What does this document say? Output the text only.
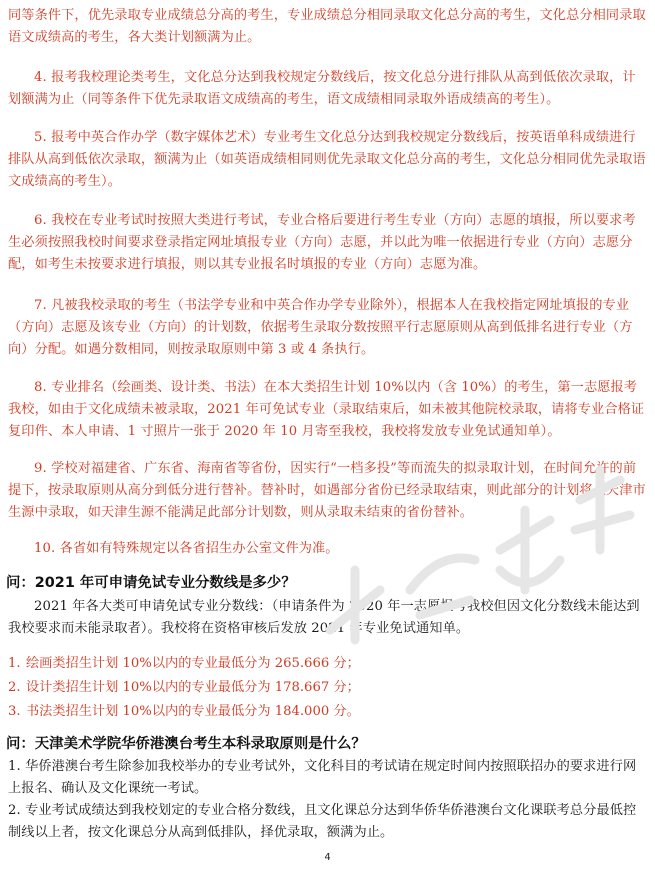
同等条件下，优先录取专业成绩总分高的考生，专业成绩总分相同录取文化总分高的考生，文化总分相同录取语文成绩高的考生，各大类计划额满为止。

4. 报考我校理论类考生，文化总分达到我校规定分数线后，按文化总分进行排队从高到低依次录取，计划额满为止（同等条件下优先录取语文成绩高的考生，语文成绩相同录取外语成绩高的考生）。

5. 报考中英合作办学（数字媒体艺术）专业考生文化总分达到我校规定分数线后，按英语单科成绩进行排队从高到低依次录取，额满为止（如英语成绩相同则优先录取文化总分高的考生，文化总分相同优先录取语文成绩高的考生）。

6. 我校在专业考试时按照大类进行考试，专业合格后要进行考生专业（方向）志愿的填报，所以要求考生必须按照我校时间要求登录指定网址填报专业（方向）志愿，并以此为唯一依据进行专业（方向）志愿分配，如考生未按要求进行填报，则以其专业报名时填报的专业（方向）志愿为准。

7. 凡被我校录取的考生（书法学专业和中英合作办学专业除外），根据本人在我校指定网址填报的专业（方向）志愿及该专业（方向）的计划数，依据考生录取分数按照平行志愿原则从高到低排名进行专业（方向）分配。如遇分数相同，则按录取原则中第 3 或 4 条执行。

8. 专业排名（绘画类、设计类、书法）在本大类招生计划 10%以内（含 10%）的考生，第一志愿报考我校，如由于文化成绩未被录取，2021 年可免试专业（录取结束后，如未被其他院校录取，请将专业合格证复印件、本人申请、1 寸照片一张于 2020 年 10 月寄至我校，我校将发放专业免试通知单）。

9. 学校对福建省、广东省、海南省等省份，因实行“一档多投”等而流失的拟录取计划，在时间允许的前提下，按录取原则从高分到低分进行替补。替补时，如遇部分省份已经录取结束，则此部分的计划将从天津市生源中录取，如天津生源不能满足此部分计划数，则从录取未结束的省份替补。

10. 各省如有特殊规定以各省招生办公室文件为准。

问：2021 年可申请免试专业分数线是多少？

2021 年各大类可申请免试专业分数线：（申请条件为 2020 年一志愿报考我校但因文化分数线未能达到我校要求而未能录取者）。我校将在资格审核后发放 2021 年专业免试通知单。

1. 绘画类招生计划 10%以内的专业最低分为 265.666 分；
2. 设计类招生计划 10%以内的专业最低分为 178.667 分；
3. 书法类招生计划 10%以内的专业最低分为 184.000 分。
问：天津美术学院华侨港澳台考生本科录取原则是什么？

1. 华侨港澳台考生除参加我校举办的专业考试外，文化科目的考试请在规定时间内按照联招办的要求进行网上报名、确认及文化课统一考试。

2. 专业考试成绩达到我校划定的专业合格分数线，且文化课总分达到华侨华侨港澳台文化课联考总分最低控制线以上者，按文化课总分从高到低排队，择优录取，额满为止。

4
